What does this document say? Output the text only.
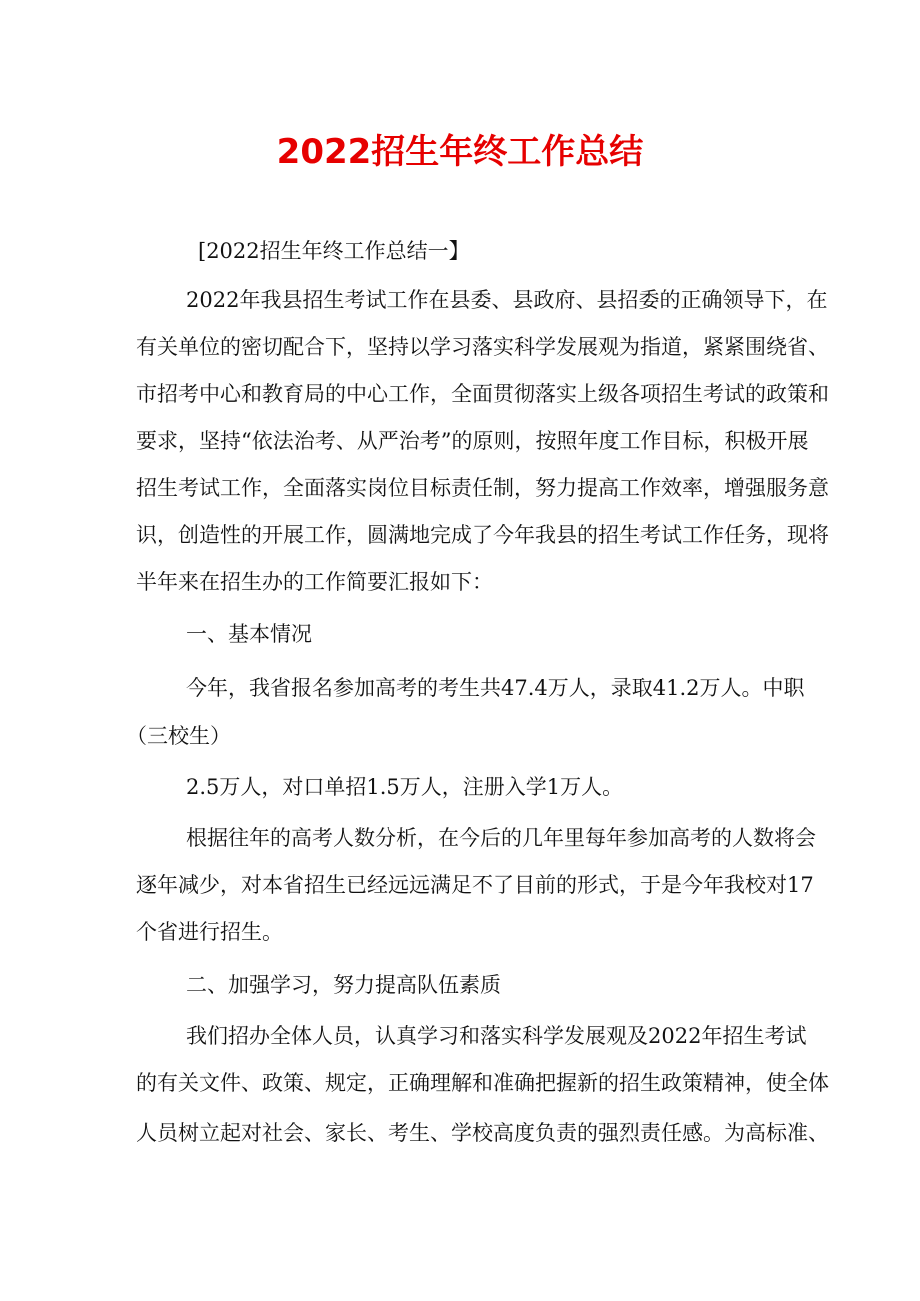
2022招生年终工作总结
[2022招生年终工作总结一】
2022年我县招生考试工作在县委、县政府、县招委的正确领导下，在
有关单位的密切配合下，坚持以学习落实科学发展观为指道，紧紧围绕省、
市招考中心和教育局的中心工作，全面贯彻落实上级各项招生考试的政策和
要求，坚持“依法治考、从严治考”的原则，按照年度工作目标，积极开展
招生考试工作，全面落实岗位目标责任制，努力提高工作效率，增强服务意
识，创造性的开展工作，圆满地完成了今年我县的招生考试工作任务，现将
半年来在招生办的工作简要汇报如下：
一、基本情况
今年，我省报名参加高考的考生共47.4万人，录取41.2万人。中职
（三校生）
2.5万人，对口单招1.5万人，注册入学1万人。
根据往年的高考人数分析，在今后的几年里每年参加高考的人数将会
逐年减少，对本省招生已经远远满足不了目前的形式，于是今年我校对17
个省进行招生。
二、加强学习，努力提高队伍素质
我们招办全体人员，认真学习和落实科学发展观及2022年招生考试
的有关文件、政策、规定，正确理解和准确把握新的招生政策精神，使全体
人员树立起对社会、家长、考生、学校高度负责的强烈责任感。为高标准、
